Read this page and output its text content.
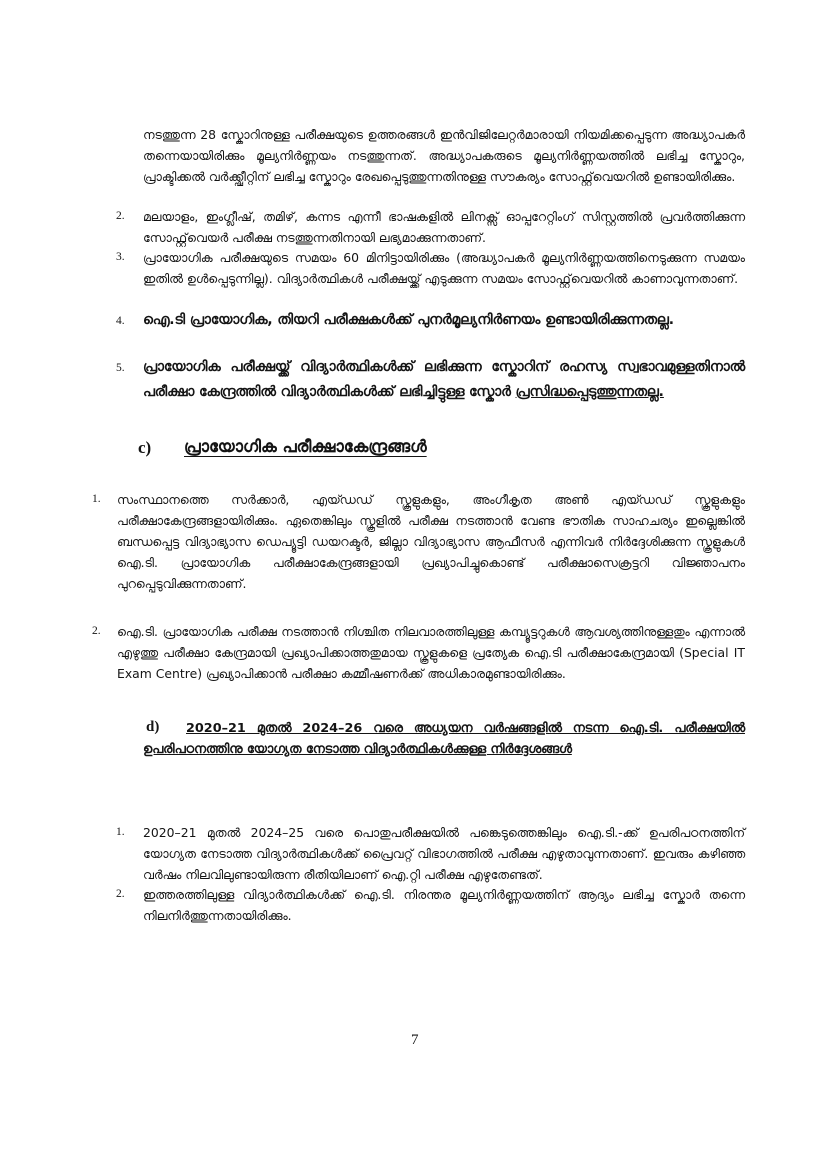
നടത്തുന്ന 28 സ്കോറിനുള്ള പരീക്ഷയുടെ ഉത്തരങ്ങൾ ഇൻവിജിലേറ്റർമാരായി നിയമിക്കപ്പെടുന്ന അദ്ധ്യാപകർ തന്നെയായിരിക്കും മൂല്യനിർണ്ണയം നടത്തുന്നത്. അദ്ധ്യാപകരുടെ മൂല്യനിർണ്ണയത്തിൽ ലഭിച്ച സ്കോറും, പ്രാക്ടിക്കൽ വർക്ക്ഷീറ്റിന് ലഭിച്ച സ്കോറും രേഖപ്പെടുത്തുന്നതിനുള്ള സൗകര്യം സോഫ്റ്റ്‌വെയറിൽ ഉണ്ടായിരിക്കും.

2. മലയാളം, ഇംഗ്ലീഷ്, തമിഴ്, കന്നട എന്നീ ഭാഷകളിൽ ലിനക്സ് ഓപ്പറേറ്റിംഗ് സിസ്റ്റത്തിൽ പ്രവർത്തിക്കുന്ന സോഫ്റ്റ്‌വെയർ പരീക്ഷ നടത്തുന്നതിനായി ലഭ്യമാക്കുന്നതാണ്.

3. പ്രായോഗിക പരീക്ഷയുടെ സമയം 60 മിനിട്ടായിരിക്കും (അദ്ധ്യാപകർ മൂല്യനിർണ്ണയത്തിനെടുക്കുന്ന സമയം ഇതിൽ ഉൾപ്പെടുന്നില്ല). വിദ്യാർത്ഥികൾ പരീക്ഷയ്ക്ക് എടുക്കുന്ന സമയം സോഫ്റ്റ്‌വെയറിൽ കാണാവുന്നതാണ്.

4. ഐ.ടി പ്രായോഗിക, തിയറി പരീക്ഷകൾക്ക് പുനർമൂല്യനിർണയം ഉണ്ടായിരിക്കുന്നതല്ല.

5. പ്രായോഗിക പരീക്ഷയ്ക്ക് വിദ്യാർത്ഥികൾക്ക് ലഭിക്കുന്ന സ്കോറിന് രഹസ്യ സ്വഭാവമുള്ളതിനാൽ പരീക്ഷാ കേന്ദ്രത്തിൽ വിദ്യാർത്ഥികൾക്ക് ലഭിച്ചിട്ടുള്ള സ്കോർ പ്രസിദ്ധപ്പെടുത്തുന്നതല്ല.

c) പ്രായോഗിക പരീക്ഷാകേന്ദ്രങ്ങൾ
1. സംസ്ഥാനത്തെ സർക്കാർ, എയ്ഡഡ് സ്കൂളുകളും, അംഗീകൃത അൺ എയ്ഡഡ് സ്കൂളുകളും പരീക്ഷാകേന്ദ്രങ്ങളായിരിക്കും. ഏതെങ്കിലും സ്കൂളിൽ പരീക്ഷ നടത്താൻ വേണ്ട ഭൗതിക സാഹചര്യം ഇല്ലെങ്കിൽ ബന്ധപ്പെട്ട വിദ്യാഭ്യാസ ഡെപ്യൂട്ടി ഡയറക്ടർ, ജില്ലാ വിദ്യാഭ്യാസ ആഫീസർ എന്നിവർ നിർദ്ദേശിക്കുന്ന സ്കൂളുകൾ ഐ.ടി. പ്രായോഗിക പരീക്ഷാകേന്ദ്രങ്ങളായി പ്രഖ്യാപിച്ചുകൊണ്ട് പരീക്ഷാസെക്രട്ടറി വിജ്ഞാപനം പുറപ്പെടുവിക്കുന്നതാണ്.

2. ഐ.ടി. പ്രായോഗിക പരീക്ഷ നടത്താൻ നിശ്ചിത നിലവാരത്തിലുള്ള കമ്പ്യൂട്ടറുകൾ ആവശ്യത്തിനുള്ളതും എന്നാൽ എഴുത്തു പരീക്ഷാ കേന്ദ്രമായി പ്രഖ്യാപിക്കാത്തതുമായ സ്കൂളുകളെ പ്രത്യേക ഐ.ടി പരീക്ഷാകേന്ദ്രമായി (Special IT Exam Centre) പ്രഖ്യാപിക്കാൻ പരീക്ഷാ കമ്മീഷണർക്ക് അധികാരമുണ്ടായിരിക്കും.

d)	2020–21 മുതൽ 2024–26 വരെ അധ്യയന വർഷങ്ങളിൽ നടന്ന ഐ.ടി. പരീക്ഷയിൽ ഉപരിപഠനത്തിനു യോഗ്യത നേടാത്ത വിദ്യാർത്ഥികൾക്കുള്ള നിർദ്ദേശങ്ങൾ

1. 2020–21 മുതൽ 2024–25 വരെ പൊതുപരീക്ഷയിൽ പങ്കെടുത്തെങ്കിലും ഐ.ടി.-ക്ക് ഉപരിപഠനത്തിന് യോഗ്യത നേടാത്ത വിദ്യാർത്ഥികൾക്ക് പ്രൈവറ്റ് വിഭാഗത്തിൽ പരീക്ഷ എഴുതാവുന്നതാണ്. ഇവരും കഴിഞ്ഞ വർഷം നിലവിലുണ്ടായിരുന്ന രീതിയിലാണ് ഐ.റ്റി പരീക്ഷ എഴുതേണ്ടത്.

2. ഇത്തരത്തിലുള്ള വിദ്യാർത്ഥികൾക്ക് ഐ.ടി. നിരന്തര മൂല്യനിർണ്ണയത്തിന് ആദ്യം ലഭിച്ച സ്കോർ തന്നെ നിലനിർത്തുന്നതായിരിക്കും.

7
